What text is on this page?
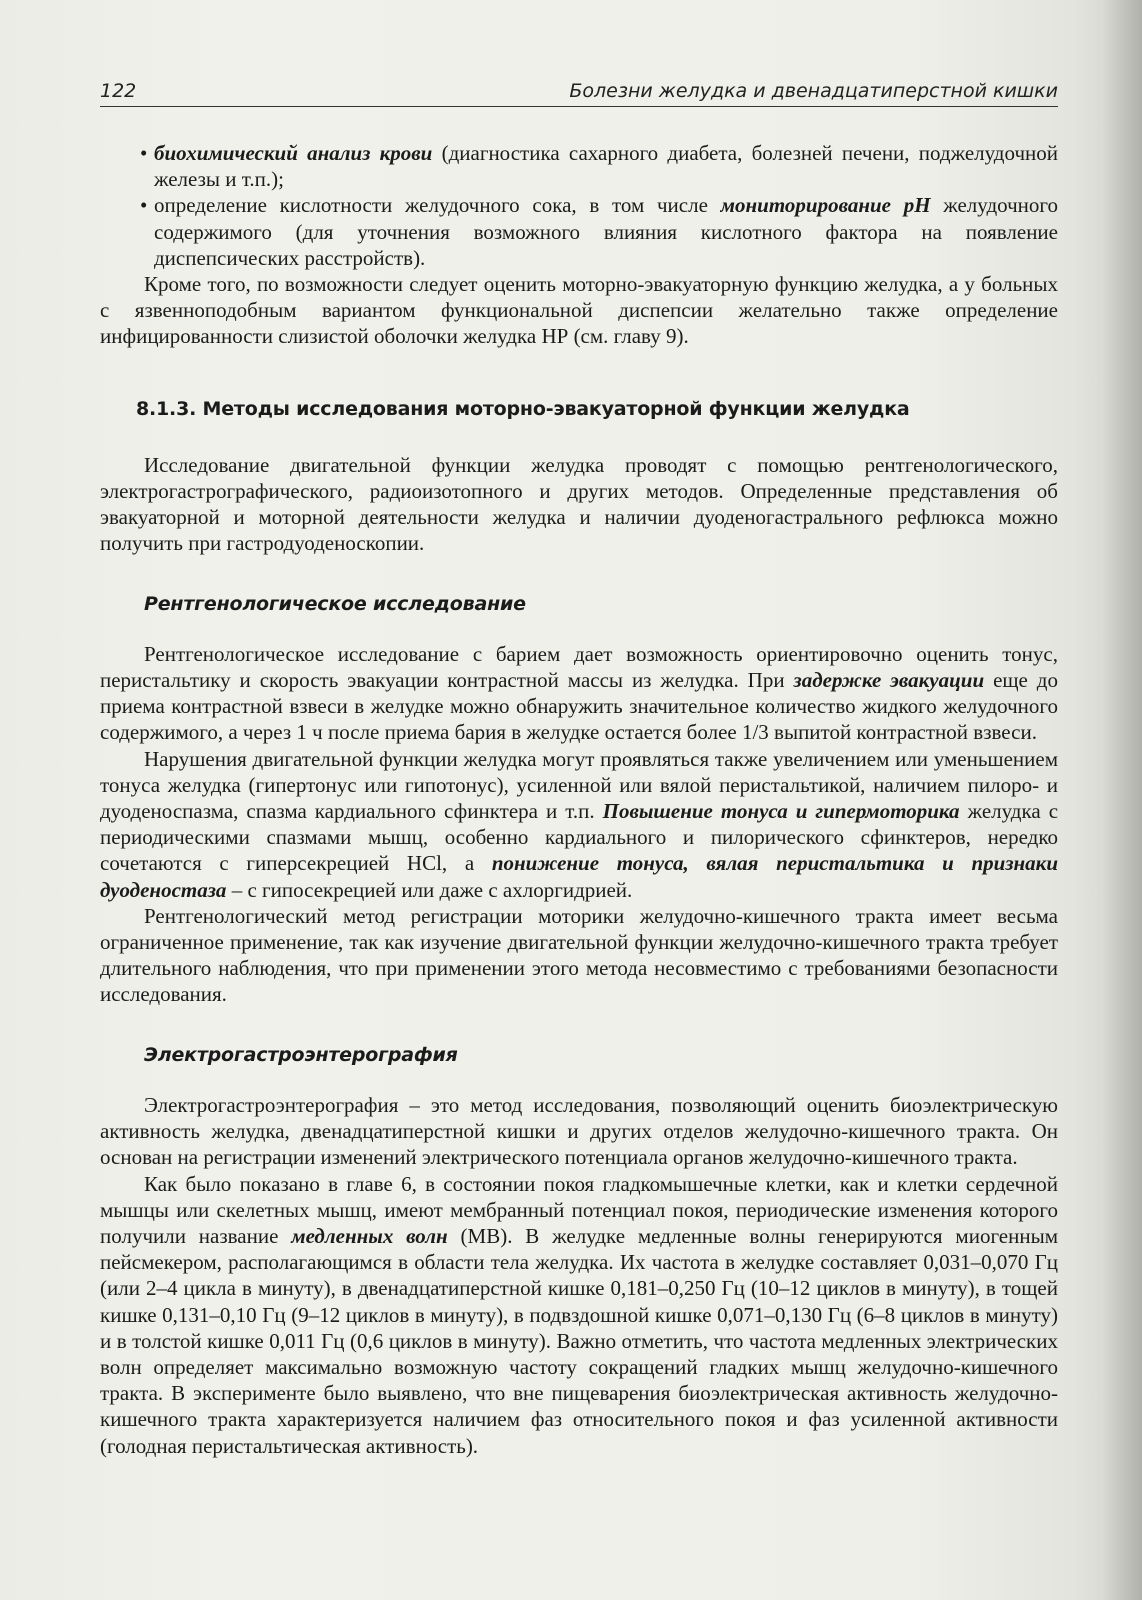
122	Болезни желудка и двенадцатиперстной кишки

• биохимический анализ крови (диагностика сахарного диабета, болезней печени, поджелудочной железы и т.п.);

• определение кислотности желудочного сока, в том числе мониторирование pH желудочного содержимого (для уточнения возможного влияния кислотного фактора на появление диспепсических расстройств).

Кроме того, по возможности следует оценить моторно-эвакуаторную функцию желудка, а у больных с язвенноподобным вариантом функциональной диспепсии желательно также определение инфицированности слизистой оболочки желудка НР (см. главу 9).

8.1.3. Методы исследования моторно-эвакуаторной функции желудка

Исследование двигательной функции желудка проводят с помощью рентгенологического, электрогастрографического, радиоизотопного и других методов. Определенные представления об эвакуаторной и моторной деятельности желудка и наличии дуоденогастрального рефлюкса можно получить при гастродуоденоскопии.

Рентгенологическое исследование

Рентгенологическое исследование с барием дает возможность ориентировочно оценить тонус, перистальтику и скорость эвакуации контрастной массы из желудка. При задержке эвакуации еще до приема контрастной взвеси в желудке можно обнаружить значительное количество жидкого желудочного содержимого, а через 1 ч после приема бария в желудке остается более 1/3 выпитой контрастной взвеси.

Нарушения двигательной функции желудка могут проявляться также увеличением или уменьшением тонуса желудка (гипертонус или гипотонус), усиленной или вялой перистальтикой, наличием пилоро- и дуоденоспазма, спазма кардиального сфинктера и т.п. Повышение тонуса и гипермоторика желудка с периодическими спазмами мышц, особенно кардиального и пилорического сфинктеров, нередко сочетаются с гиперсекрецией HCl, а понижение тонуса, вялая перистальтика и признаки дуоденостаза – с гипосекрецией или даже с ахлоргидрией.

Рентгенологический метод регистрации моторики желудочно-кишечного тракта имеет весьма ограниченное применение, так как изучение двигательной функции желудочно-кишечного тракта требует длительного наблюдения, что при применении этого метода несовместимо с требованиями безопасности исследования.

Электрогастроэнтерография

Электрогастроэнтерография – это метод исследования, позволяющий оценить биоэлектрическую активность желудка, двенадцатиперстной кишки и других отделов желудочно-кишечного тракта. Он основан на регистрации изменений электрического потенциала органов желудочно-кишечного тракта.

Как было показано в главе 6, в состоянии покоя гладкомышечные клетки, как и клетки сердечной мышцы или скелетных мышц, имеют мембранный потенциал покоя, периодические изменения которого получили название медленных волн (МВ). В желудке медленные волны генерируются миогенным пейсмекером, располагающимся в области тела желудка. Их частота в желудке составляет 0,031–0,070 Гц (или 2–4 цикла в минуту), в двенадцатиперстной кишке 0,181–0,250 Гц (10–12 циклов в минуту), в тощей кишке 0,131–0,10 Гц (9–12 циклов в минуту), в подвздошной кишке 0,071–0,130 Гц (6–8 циклов в минуту) и в толстой кишке 0,011 Гц (0,6 циклов в минуту). Важно отметить, что частота медленных электрических волн определяет максимально возможную частоту сокращений гладких мышц желудочно-кишечного тракта. В эксперименте было выявлено, что вне пищеварения биоэлектрическая активность желудочно-кишечного тракта характеризуется наличием фаз относительного покоя и фаз усиленной активности (голодная перистальтическая активность).
